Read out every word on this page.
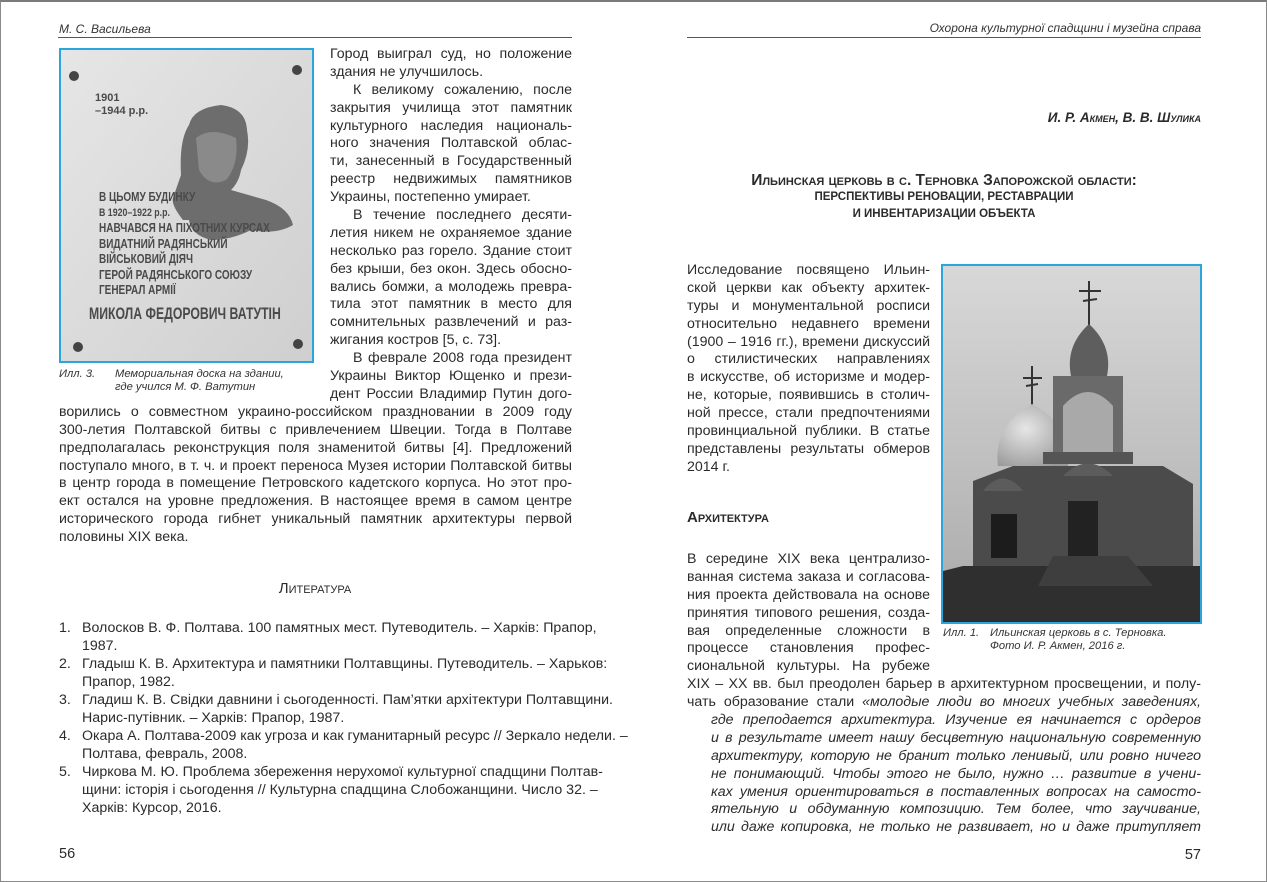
М. С. Васильева
1901
–1944 р.р.
В ЦЬОМУ БУДИНКУ
В 1920–1922 р.р.
НАВЧАВСЯ НА ПІХОТНИХ КУРСАХ
ВИДАТНИЙ РАДЯНСЬКИЙ
ВІЙСЬКОВИЙ ДІЯЧ
ГЕРОЙ РАДЯНСЬКОГО СОЮЗУ
ГЕНЕРАЛ АРМІЇ
МИКОЛА ФЕДОРОВИЧ ВАТУТІН
Илл. 3. Мемориальная доска на здании,
где учился М. Ф. Ватутин
Город выиграл суд, но положение
здания не улучшилось.
К великому сожалению, после
закрытия училища этот памятник
культурного наследия националь-
ного значения Полтавской облас-
ти, занесенный в Государственный
реестр недвижимых памятников
Украины, постепенно умирает.
В течение последнего десяти-
летия никем не охраняемое здание
несколько раз горело. Здание стоит
без крыши, без окон. Здесь обосно-
вались бомжи, а молодежь превра-
тила этот памятник в место для
сомнительных развлечений и раз-
жигания костров [5, с. 73].
В феврале 2008 года президент
Украины Виктор Ющенко и прези-
дент России Владимир Путин дого-
ворились о совместном украино-российском праздновании в 2009 году
300-летия Полтавской битвы с привлечением Швеции. Тогда в Полтаве
предполагалась реконструкция поля знаменитой битвы [4]. Предложений
поступало много, в т. ч. и проект переноса Музея истории Полтавской битвы
в центр города в помещение Петровского кадетского корпуса. Но этот про-
ект остался на уровне предложения. В настоящее время в самом центре
исторического города гибнет уникальный памятник архитектуры первой
половины XIX века.
Литература
1. Волосков В. Ф. Полтава. 100 памятных мест. Путеводитель. – Харків: Прапор,
1987.
2. Гладыш К. В. Архитектура и памятники Полтавщины. Путеводитель. – Харьков:
Прапор, 1982.
3. Гладиш К. В. Свідки давнини і сьогоденності. Пам’ятки архітектури Полтавщини.
Нарис-путівник. – Харків: Прапор, 1987.
4. Окара А. Полтава-2009 как угроза и как гуманитарный ресурс // Зеркало недели. –
Полтава, февраль, 2008.
5. Чиркова М. Ю. Проблема збереження нерухомої культурної спадщини Полтав-
щини: історія і сьогодення // Культурна спадщина Слобожанщини. Число 32. –
Харків: Курсор, 2016.
56
Охорона культурної спадщини і музейна справа
И. Р. Акмен, В. В. Шулика
Ильинская церковь в с. Терновка Запорожской области:
ПЕРСПЕКТИВЫ РЕНОВАЦИИ, РЕСТАВРАЦИИ
И ИНВЕНТАРИЗАЦИИ ОБЪЕКТА
Исследование посвящено Ильин-
ской церкви как объекту архитек-
туры и монументальной росписи
относительно недавнего времени
(1900 – 1916 гг.), времени дискуссий
о стилистических направлениях
в искусстве, об историзме и модер-
не, которые, появившись в столич-
ной прессе, стали предпочтениями
провинциальной публики. В статье
представлены результаты обмеров
2014 г.
Илл. 1. Ильинская церковь в с. Терновка.
Фото И. Р. Акмен, 2016 г.
Архитектура
В середине XIX века централизо-
ванная система заказа и согласова-
ния проекта действовала на основе
принятия типового решения, созда-
вая определенные сложности в
процессе становления профес-
сиональной культуры. На рубеже
XIX – XX вв. был преодолен барьер в архитектурном просвещении, и полу-
чать образование стали «молодые люди во многих учебных заведениях,
где преподается архитектура. Изучение ея начинается с ордеров
и в результате имеет нашу бесцветную национальную современную
архитектуру, которую не бранит только ленивый, или ровно ничего
не понимающий. Чтобы этого не было, нужно … развитие в учени-
ках умения ориентироваться в поставленных вопросах на самосто-
ятельную и обдуманную композицию. Тем более, что заучивание,
или даже копировка, не только не развивает, но и даже притупляет
57
